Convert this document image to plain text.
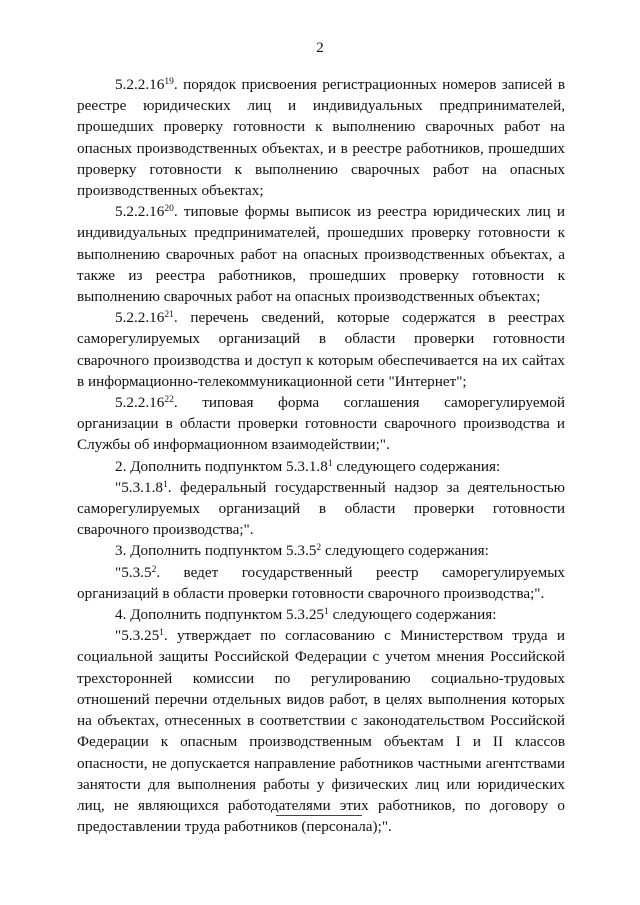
2

5.2.2.16$^{19}$. порядок присвоения регистрационных номеров записей в реестре юридических лиц и индивидуальных предпринимателей, прошедших проверку готовности к выполнению сварочных работ на опасных производственных объектах, и в реестре работников, прошедших проверку готовности к выполнению сварочных работ на опасных производственных объектах;

5.2.2.16$^{20}$. типовые формы выписок из реестра юридических лиц и индивидуальных предпринимателей, прошедших проверку готовности к выполнению сварочных работ на опасных производственных объектах, а также из реестра работников, прошедших проверку готовности к выполнению сварочных работ на опасных производственных объектах;

5.2.2.16$^{21}$. перечень сведений, которые содержатся в реестрах саморегулируемых организаций в области проверки готовности сварочного производства и доступ к которым обеспечивается на их сайтах в информационно-телекоммуникационной сети "Интернет";

5.2.2.16$^{22}$. типовая форма соглашения саморегулируемой организации в области проверки готовности сварочного производства и Службы об информационном взаимодействии;".

2. Дополнить подпунктом 5.3.1.8$^1$ следующего содержания:

"5.3.1.8$^1$. федеральный государственный надзор за деятельностью саморегулируемых организаций в области проверки готовности сварочного производства;".

3. Дополнить подпунктом 5.3.5$^2$ следующего содержания:

"5.3.5$^2$. ведет государственный реестр саморегулируемых организаций в области проверки готовности сварочного производства;".

4. Дополнить подпунктом 5.3.25$^1$ следующего содержания:

"5.3.25$^1$. утверждает по согласованию с Министерством труда и социальной защиты Российской Федерации с учетом мнения Российской трехсторонней комиссии по регулированию социально-трудовых отношений перечни отдельных видов работ, в целях выполнения которых на объектах, отнесенных в соответствии с законодательством Российской Федерации к опасным производственным объектам I и II классов опасности, не допускается направление работников частными агентствами занятости для выполнения работы у физических лиц или юридических лиц, не являющихся работодателями этих работников, по договору о предоставлении труда работников (персонала);".
